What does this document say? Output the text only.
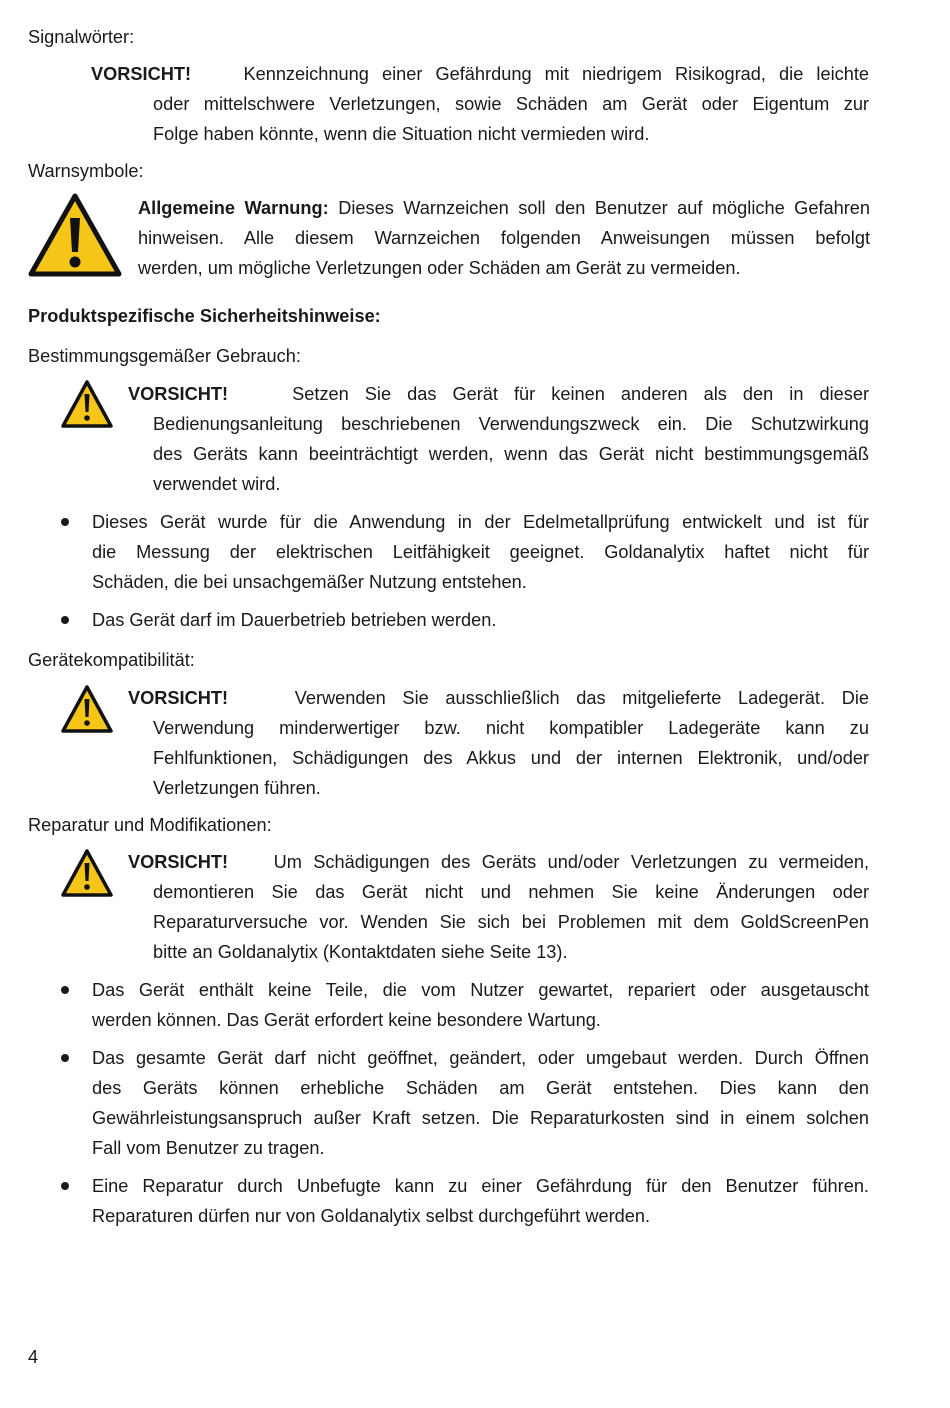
Signalwörter:
VORSICHT!	Kennzeichnung einer Gefährdung mit niedrigem Risikograd, die leichte
oder mittelschwere Verletzungen, sowie Schäden am Gerät oder Eigentum zur
Folge haben könnte, wenn die Situation nicht vermieden wird.
Warnsymbole:
Allgemeine Warnung: Dieses Warnzeichen soll den Benutzer auf mögliche Gefahren
hinweisen. Alle diesem Warnzeichen folgenden Anweisungen müssen befolgt
werden, um mögliche Verletzungen oder Schäden am Gerät zu vermeiden.
Produktspezifische Sicherheitshinweise:
Bestimmungsgemäßer Gebrauch:
VORSICHT!	Setzen Sie das Gerät für keinen anderen als den in dieser
Bedienungsanleitung beschriebenen Verwendungszweck ein. Die Schutzwirkung
des Geräts kann beeinträchtigt werden, wenn das Gerät nicht bestimmungsgemäß
verwendet wird.
Dieses Gerät wurde für die Anwendung in der Edelmetallprüfung entwickelt und ist für
die Messung der elektrischen Leitfähigkeit geeignet. Goldanalytix haftet nicht für
Schäden, die bei unsachgemäßer Nutzung entstehen.
Das Gerät darf im Dauerbetrieb betrieben werden.
Gerätekompatibilität:
VORSICHT!	Verwenden Sie ausschließlich das mitgelieferte Ladegerät. Die
Verwendung minderwertiger bzw. nicht kompatibler Ladegeräte kann zu
Fehlfunktionen, Schädigungen des Akkus und der internen Elektronik, und/oder
Verletzungen führen.
Reparatur und Modifikationen:
VORSICHT!	Um Schädigungen des Geräts und/oder Verletzungen zu vermeiden,
demontieren Sie das Gerät nicht und nehmen Sie keine Änderungen oder
Reparaturversuche vor. Wenden Sie sich bei Problemen mit dem GoldScreenPen
bitte an Goldanalytix (Kontaktdaten siehe Seite 13).
Das Gerät enthält keine Teile, die vom Nutzer gewartet, repariert oder ausgetauscht
werden können. Das Gerät erfordert keine besondere Wartung.
Das gesamte Gerät darf nicht geöffnet, geändert, oder umgebaut werden. Durch Öffnen
des Geräts können erhebliche Schäden am Gerät entstehen. Dies kann den
Gewährleistungsanspruch außer Kraft setzen. Die Reparaturkosten sind in einem solchen
Fall vom Benutzer zu tragen.
Eine Reparatur durch Unbefugte kann zu einer Gefährdung für den Benutzer führen.
Reparaturen dürfen nur von Goldanalytix selbst durchgeführt werden.
4
